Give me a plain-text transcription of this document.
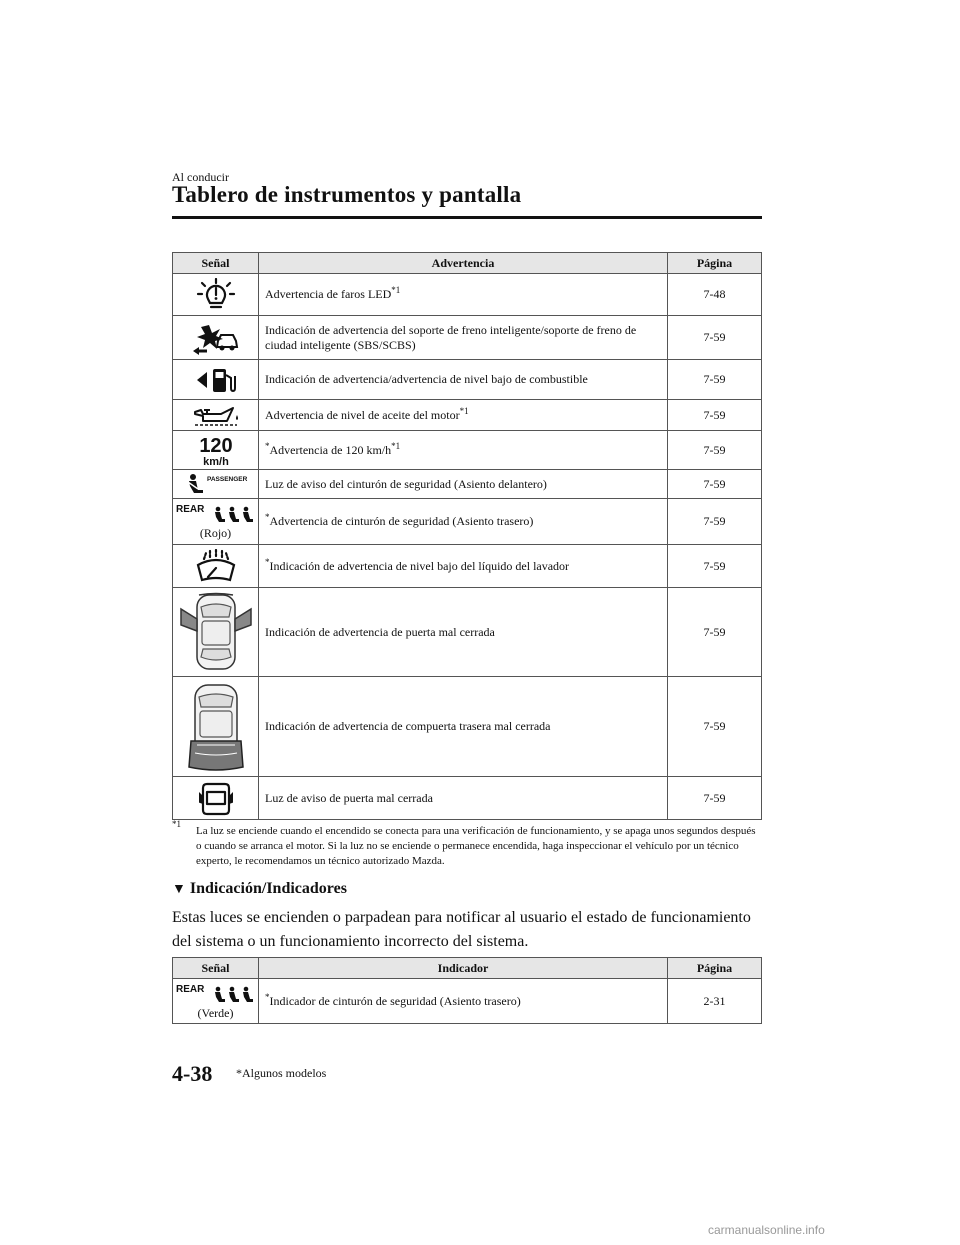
Al conducir
Tablero de instrumentos y pantalla
Señal	Advertencia	Página

	Advertencia de faros LED$^{*1}$	7-48

	Indicación de advertencia del soporte de freno inteligente/soporte de freno de ciudad inteligente (SBS/SCBS)	7-59

	Indicación de advertencia/advertencia de nivel bajo de combustible	7-59

	Advertencia de nivel de aceite del motor$^{*1}$	7-59

120
km/h	*Advertencia de 120 $km/h^{*1}$	7-59

PASSENGER	Luz de aviso del cinturón de seguridad (Asiento delantero)	7-59

REAR
(Rojo)	*Advertencia de cinturón de seguridad (Asiento trasero)	7-59

	*Indicación de advertencia de nivel bajo del líquido del lavador	7-59

	Indicación de advertencia de puerta mal cerrada	7-59

	Indicación de advertencia de compuerta trasera mal cerrada	7-59

	Luz de aviso de puerta mal cerrada	7-59
*1
La luz se enciende cuando el encendido se conecta para una verificación de funcionamiento, y se apaga unos segundos después o cuando se arranca el motor. Si la luz no se enciende o permanece encendida, haga inspeccionar el vehículo por un técnico experto, le recomendamos un técnico autorizado Mazda.
▼ Indicación/Indicadores
Estas luces se encienden o parpadean para notificar al usuario el estado de funcionamiento del sistema o un funcionamiento incorrecto del sistema.
Señal	Indicador	Página

REAR
(Verde)	*Indicador de cinturón de seguridad (Asiento trasero)	2-31
4-38 *Algunos modelos
carmanualsonline.info
